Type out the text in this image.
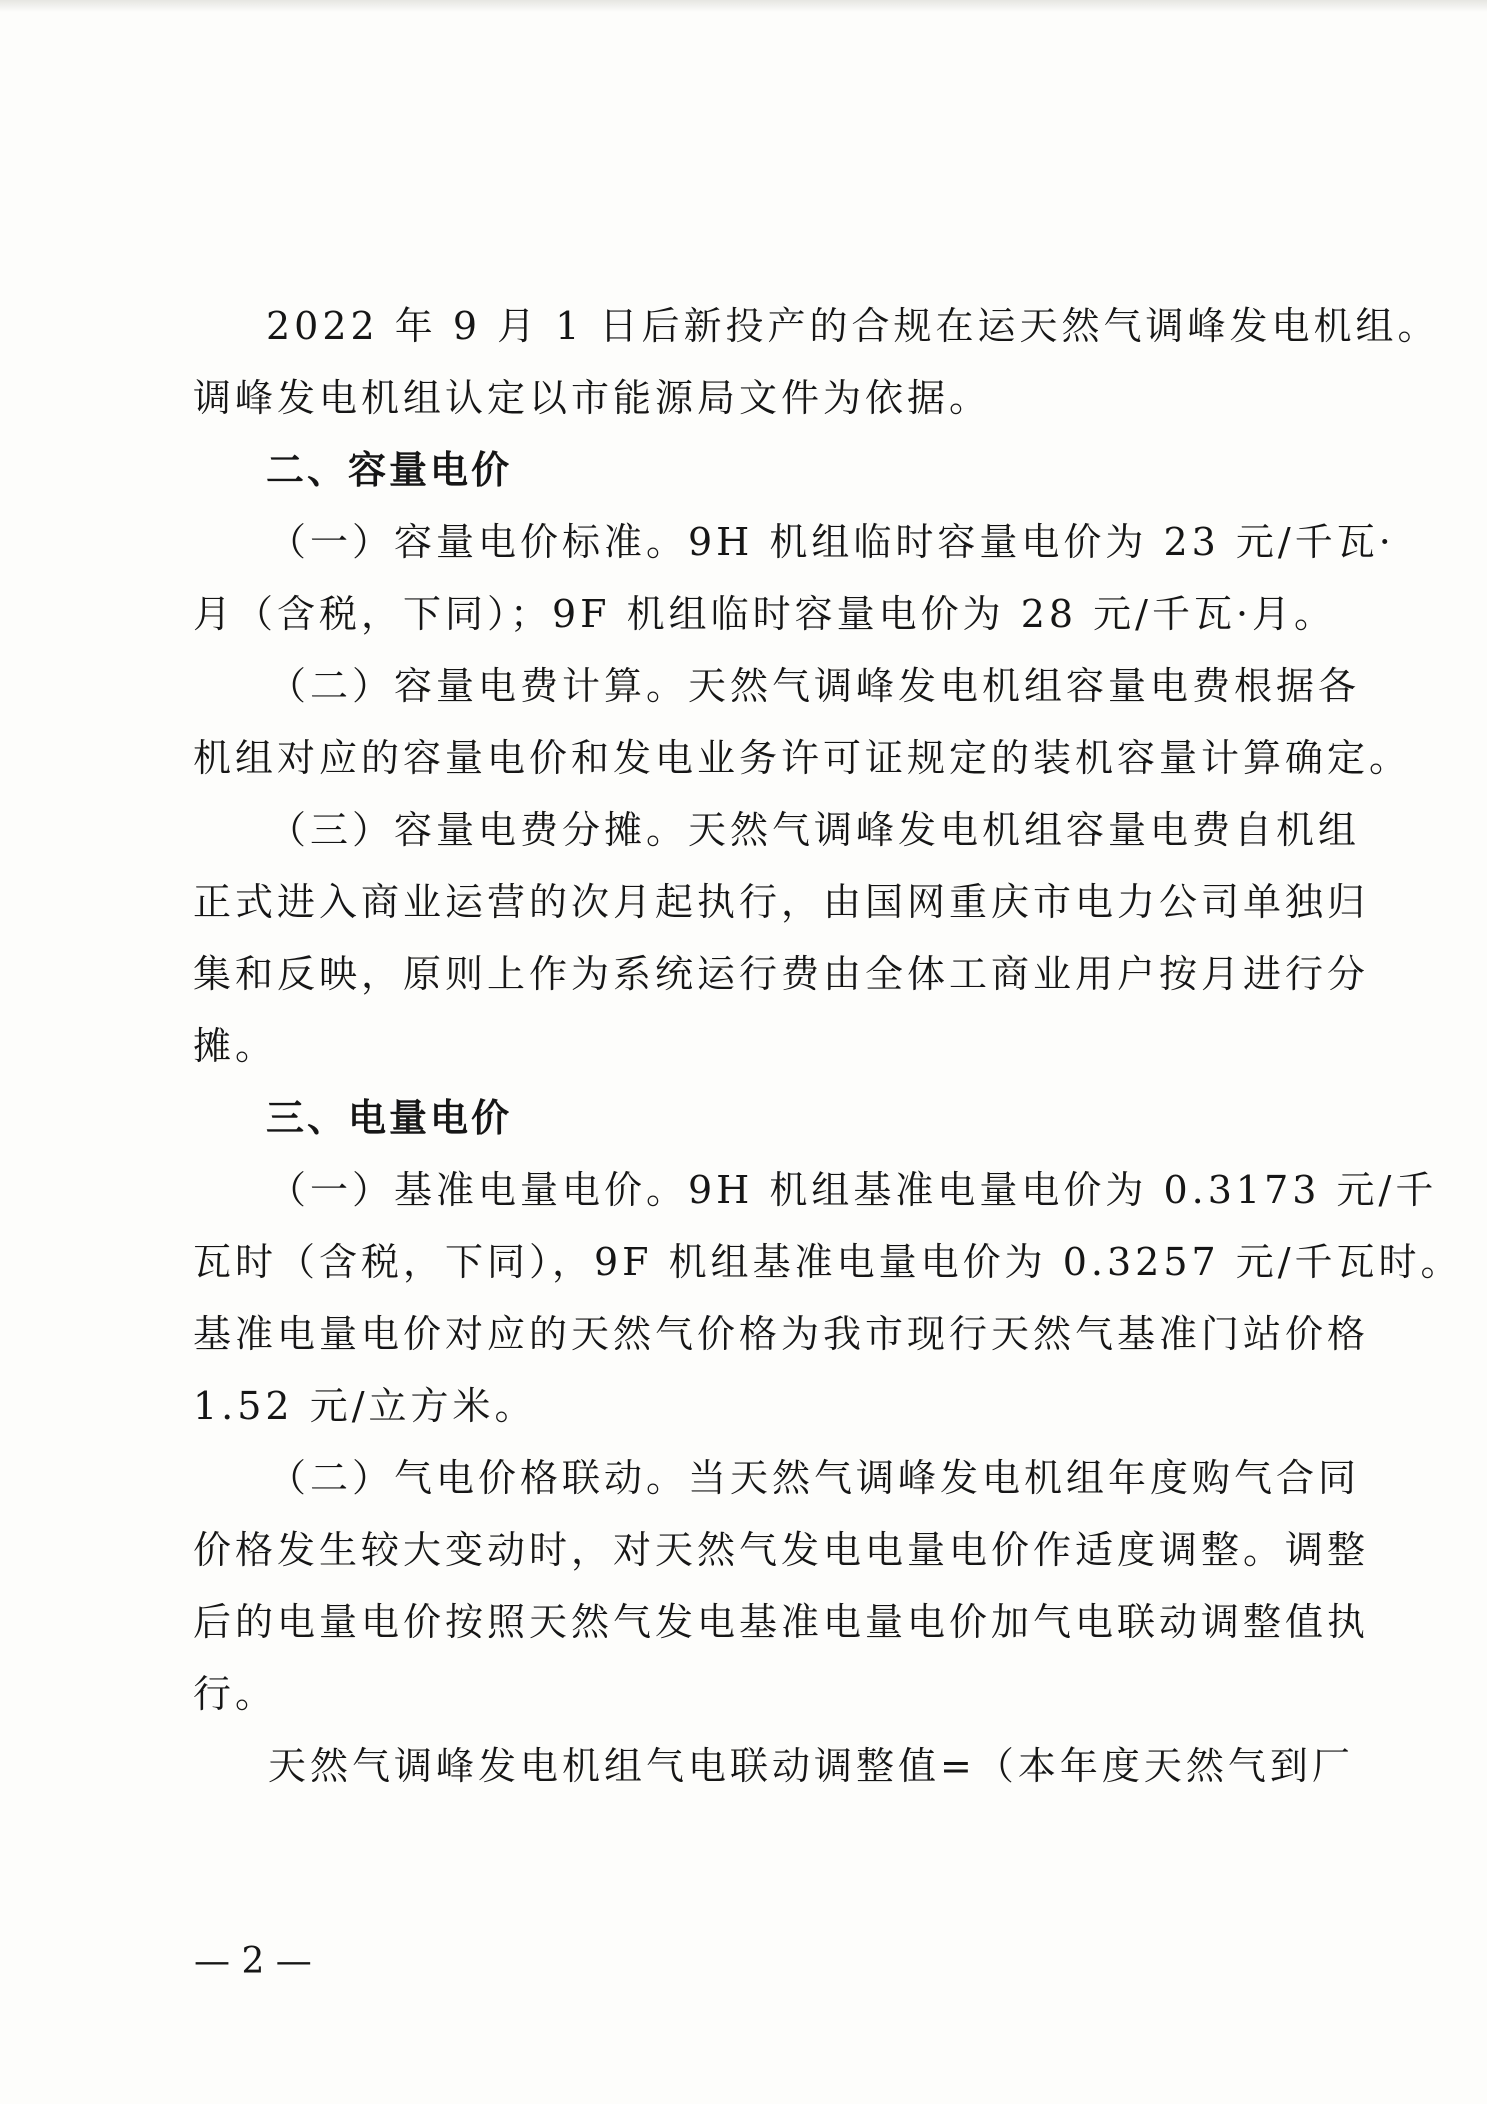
2022 年 9 月 1 日后新投产的合规在运天然气调峰发电机组。
调峰发电机组认定以市能源局文件为依据。
二、容量电价
（一）容量电价标准。9H 机组临时容量电价为 23 元/千瓦·
月（含税，下同）；9F 机组临时容量电价为 28 元/千瓦·月。
（二）容量电费计算。天然气调峰发电机组容量电费根据各
机组对应的容量电价和发电业务许可证规定的装机容量计算确定。
（三）容量电费分摊。天然气调峰发电机组容量电费自机组
正式进入商业运营的次月起执行，由国网重庆市电力公司单独归
集和反映，原则上作为系统运行费由全体工商业用户按月进行分
摊。
三、电量电价
（一）基准电量电价。9H 机组基准电量电价为 0.3173 元/千
瓦时（含税，下同），9F 机组基准电量电价为 0.3257 元/千瓦时。
基准电量电价对应的天然气价格为我市现行天然气基准门站价格
1.52 元/立方米。
（二）气电价格联动。当天然气调峰发电机组年度购气合同
价格发生较大变动时，对天然气发电电量电价作适度调整。调整
后的电量电价按照天然气发电基准电量电价加气电联动调整值执
行。
天然气调峰发电机组气电联动调整值=（本年度天然气到厂
— 2 —
